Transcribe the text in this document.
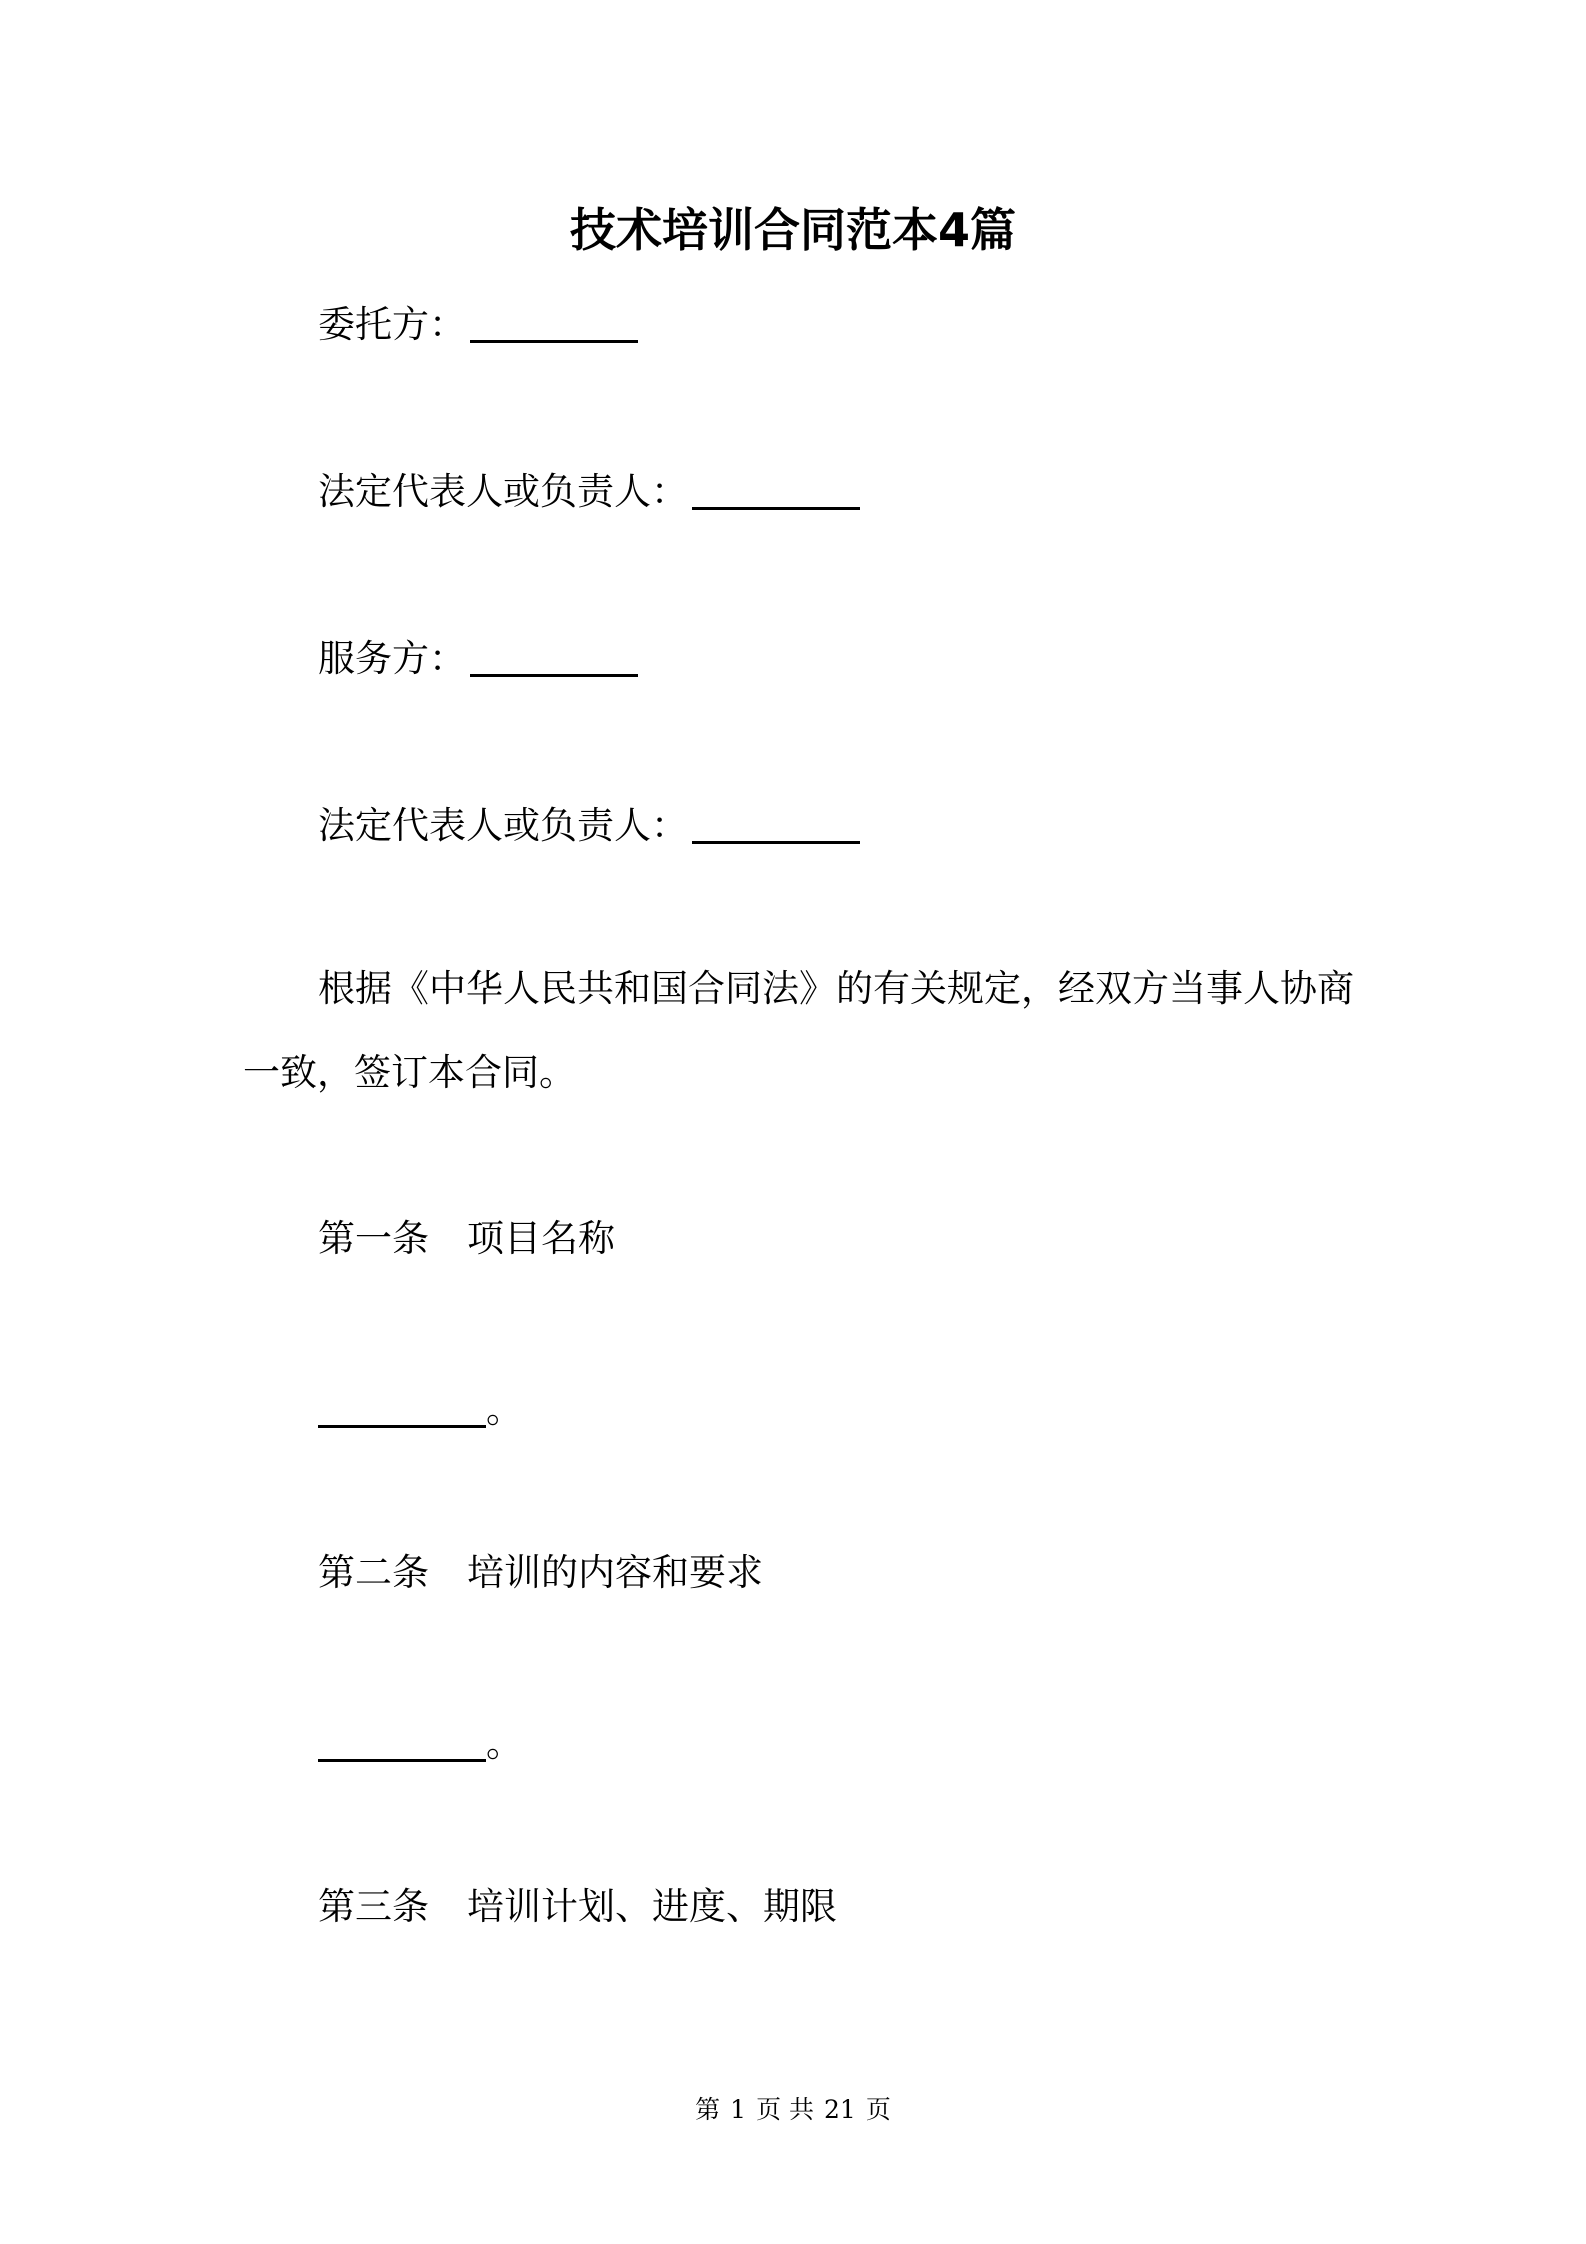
技术培训合同范本4篇
委托方：
法定代表人或负责人：
服务方：
法定代表人或负责人：
根据《中华人民共和国合同法》的有关规定，经双方当事人协商
一致，签订本合同。
第一条 项目名称
。
第二条 培训的内容和要求
。
第三条 培训计划、进度、期限
第 1 页 共 21 页
